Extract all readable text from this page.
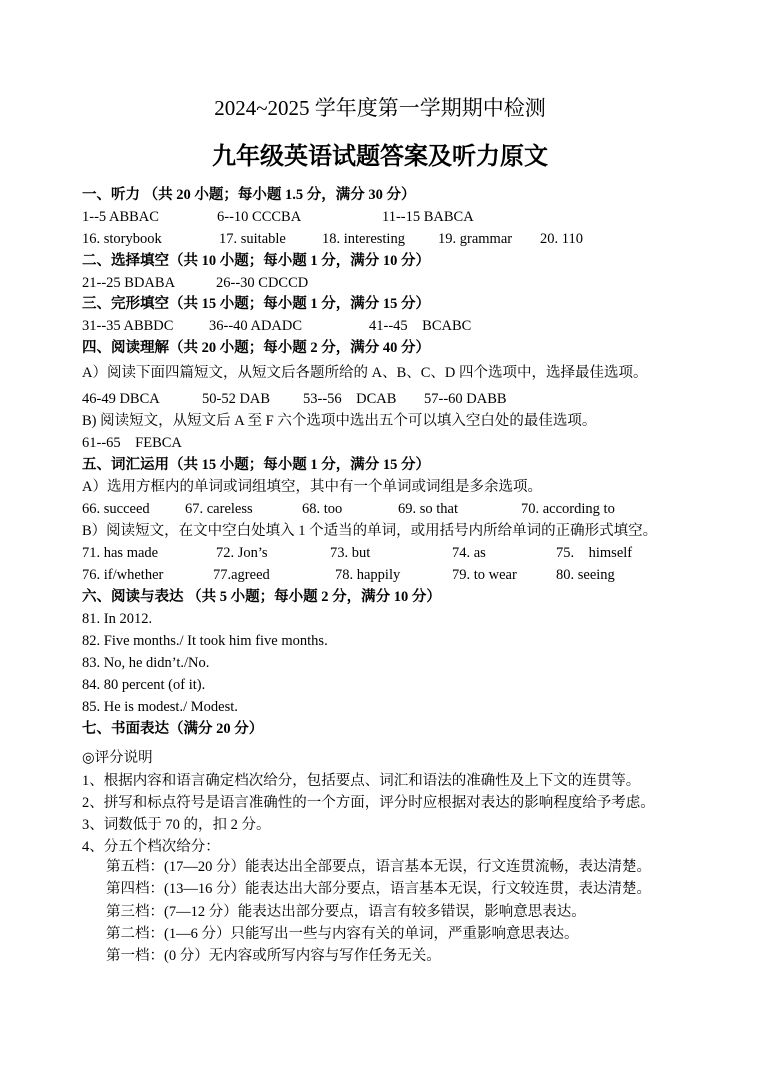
2024~2025 学年度第一学期期中检测
九年级英语试题答案及听力原文
一、听力 （共 20 小题；每小题 1.5 分，满分 30 分）
1--5 ABBAC	6--10 CCCBA	11--15 BABCA
16. storybook	17. suitable 18. interesting 19. grammar 20. 110
二、选择填空（共 10 小题；每小题 1 分，满分 10 分）
21--25 BDABA	26--30 CDCCD
三、完形填空（共 15 小题；每小题 1 分，满分 15 分）
31--35 ABBDC 36--40 ADADC	41--45    BCABC
四、阅读理解（共 20 小题；每小题 2 分，满分 40 分）
A）阅读下面四篇短文，从短文后各题所给的 A、B、C、D 四个选项中，选择最佳选项。
46-49 DBCA	50-52 DAB 53--56    DCAB 57--60 DABB
B) 阅读短文，从短文后 A 至 F 六个选项中选出五个可以填入空白处的最佳选项。
61--65    FEBCA
五、词汇运用（共 15 小题；每小题 1 分，满分 15 分）
A）选用方框内的单词或词组填空，其中有一个单词或词组是多余选项。
66. succeed 67. careless	68. too	69. so that	70. according to
B）阅读短文，在文中空白处填入 1 个适当的单词，或用括号内所给单词的正确形式填空。
71. has made	72. Jon’s	73. but	74. as	75.    himself
76. if/whether	77.agreed	78. happily	79. to wear	80. seeing
六、阅读与表达 （共 5 小题；每小题 2 分，满分 10 分）
81. In 2012.
82. Five months./ It took him five months.
83. No, he didn’t./No.
84. 80 percent (of it).
85. He is modest./ Modest.
七、书面表达（满分 20 分）
◎评分说明
1、根据内容和语言确定档次给分，包括要点、词汇和语法的准确性及上下文的连贯等。
2、拼写和标点符号是语言准确性的一个方面，评分时应根据对表达的影响程度给予考虑。
3、词数低于 70 的，扣 2 分。
4、分五个档次给分：
第五档：(17—20 分）能表达出全部要点，语言基本无误，行文连贯流畅，表达清楚。
第四档：(13—16 分）能表达出大部分要点，语言基本无误，行文较连贯，表达清楚。
第三档：(7—12 分）能表达出部分要点，语言有较多错误，影响意思表达。
第二档：(1—6 分）只能写出一些与内容有关的单词，严重影响意思表达。
第一档：(0 分）无内容或所写内容与写作任务无关。
